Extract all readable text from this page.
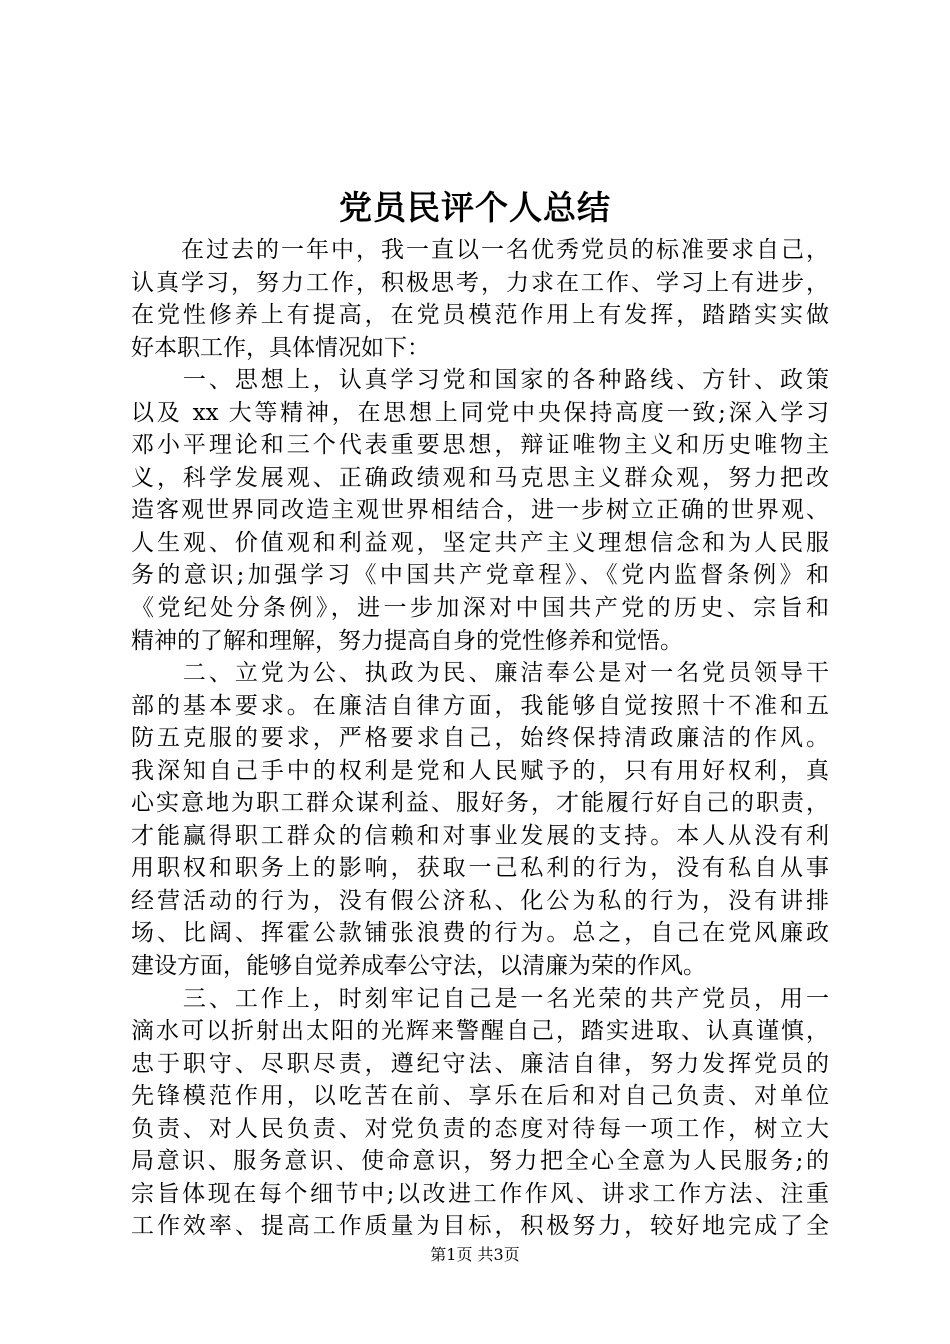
党员民评个人总结
　　在过去的一年中，我一直以一名优秀党员的标准要求自己，
认真学习，努力工作，积极思考，力求在工作、学习上有进步，
在党性修养上有提高，在党员模范作用上有发挥，踏踏实实做
好本职工作，具体情况如下：
　　一、思想上，认真学习党和国家的各种路线、方针、政策
以及 xx 大等精神，在思想上同党中央保持高度一致;深入学习
邓小平理论和三个代表重要思想，辩证唯物主义和历史唯物主
义，科学发展观、正确政绩观和马克思主义群众观，努力把改
造客观世界同改造主观世界相结合，进一步树立正确的世界观、
人生观、价值观和利益观，坚定共产主义理想信念和为人民服
务的意识;加强学习《中国共产党章程》、《党内监督条例》和
《党纪处分条例》，进一步加深对中国共产党的历史、宗旨和
精神的了解和理解，努力提高自身的党性修养和觉悟。
　　二、立党为公、执政为民、廉洁奉公是对一名党员领导干
部的基本要求。在廉洁自律方面，我能够自觉按照十不准和五
防五克服的要求，严格要求自己，始终保持清政廉洁的作风。
我深知自己手中的权利是党和人民赋予的，只有用好权利，真
心实意地为职工群众谋利益、服好务，才能履行好自己的职责，
才能赢得职工群众的信赖和对事业发展的支持。本人从没有利
用职权和职务上的影响，获取一己私利的行为，没有私自从事
经营活动的行为，没有假公济私、化公为私的行为，没有讲排
场、比阔、挥霍公款铺张浪费的行为。总之，自己在党风廉政
建设方面，能够自觉养成奉公守法，以清廉为荣的作风。
　　三、工作上，时刻牢记自己是一名光荣的共产党员，用一
滴水可以折射出太阳的光辉来警醒自己，踏实进取、认真谨慎，
忠于职守、尽职尽责，遵纪守法、廉洁自律，努力发挥党员的
先锋模范作用，以吃苦在前、享乐在后和对自己负责、对单位
负责、对人民负责、对党负责的态度对待每一项工作，树立大
局意识、服务意识、使命意识，努力把全心全意为人民服务;的
宗旨体现在每个细节中;以改进工作作风、讲求工作方法、注重
工作效率、提高工作质量为目标，积极努力，较好地完成了全
第1页 共3页
